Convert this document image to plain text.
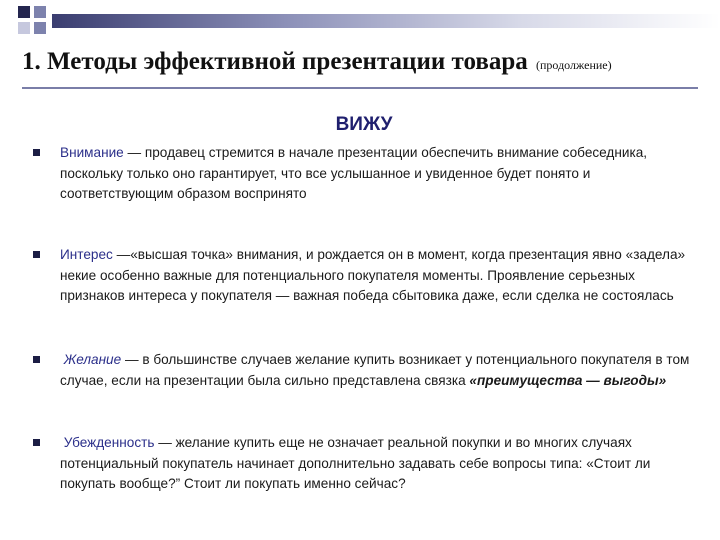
1. Методы эффективной презентации товара (продолжение)
ВИЖУ
Внимание — продавец стремится в начале презентации обеспечить внимание собеседника, поскольку только оно гарантирует, что все услышанное и увиденное будет понято и соответствующим образом воспринято
Интерес —«высшая точка» внимания, и рождается он в момент, когда презентация явно «задела» некие особенно важные для потенциального покупателя моменты. Проявление серьезных признаков интереса у покупателя — важная победа сбытовика даже, если сделка не состоялась
Желание — в большинстве случаев желание купить возникает у потенциального покупателя в том случае, если на презентации была сильно представлена связка «преимущества — выгоды»
Убежденность — желание купить еще не означает реальной покупки и во многих случаях потенциальный покупатель начинает дополнительно задавать себе вопросы типа: «Стоит ли покупать вообще?” Стоит ли покупать именно сейчас?
